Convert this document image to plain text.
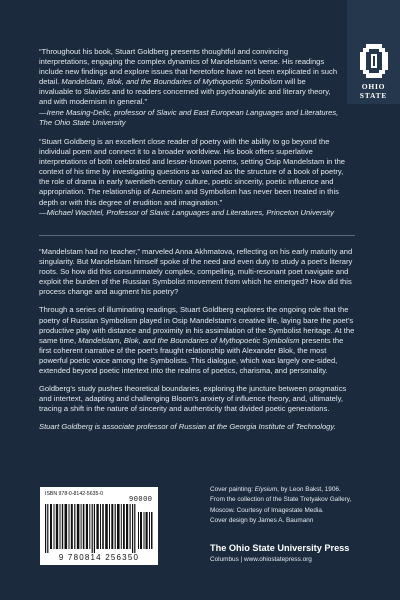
OHIO
STATE

“Throughout his book, Stuart Goldberg presents thoughtful and convincing interpretations, engaging the complex dynamics of Mandelstam’s verse. His readings include new findings and explore issues that heretofore have not been explicated in such detail. Mandelstam, Blok, and the Boundaries of Mythopoetic Symbolism will be invaluable to Slavists and to readers concerned with psychoanalytic and literary theory, and with modernism in general.”
—Irene Masing-Delic, professor of Slavic and East European Languages and Literatures, The Ohio State University

“Stuart Goldberg is an excellent close reader of poetry with the ability to go beyond the individual poem and connect it to a broader worldview. His book offers superlative interpretations of both celebrated and lesser-known poems, setting Osip Mandelstam in the context of his time by investigating questions as varied as the structure of a book of poetry, the role of drama in early twentieth-century culture, poetic sincerity, poetic influence and appropriation. The relationship of Acmeism and Symbolism has never been treated in this depth or with this degree of erudition and imagination.”
—Michael Wachtel, Professor of Slavic Languages and Literatures, Princeton University

“Mandelstam had no teacher,” marveled Anna Akhmatova, reflecting on his early maturity and singularity. But Mandelstam himself spoke of the need and even duty to study a poet’s literary roots. So how did this consummately complex, compelling, multi-resonant poet navigate and exploit the burden of the Russian Symbolist movement from which he emerged? How did this process change and augment his poetry?

Through a series of illuminating readings, Stuart Goldberg explores the ongoing role that the poetry of Russian Symbolism played in Osip Mandelstam’s creative life, laying bare the poet’s productive play with distance and proximity in his assimilation of the Symbolist heritage. At the same time, Mandelstam, Blok, and the Boundaries of Mythopoetic Symbolism presents the first coherent narrative of the poet’s fraught relationship with Alexander Blok, the most powerful poetic voice among the Symbolists. This dialogue, which was largely one-sided, extended beyond poetic intertext into the realms of poetics, charisma, and personality.

Goldberg’s study pushes theoretical boundaries, exploring the juncture between pragmatics and intertext, adapting and challenging Bloom’s anxiety of influence theory, and, ultimately, tracing a shift in the nature of sincerity and authenticity that divided poetic generations.

Stuart Goldberg is associate professor of Russian at the Georgia Institute of Technology.

ISBN 978-0-8142-5635-0
90000
9 780814 256350
Cover painting: Elysium, by Leon Bakst, 1906.
From the collection of the State Tretyakov Gallery,
Moscow. Courtesy of Imagestate Media.
Cover design by James A. Baumann
The Ohio State University Press
Columbus | www.ohiostatepress.org
